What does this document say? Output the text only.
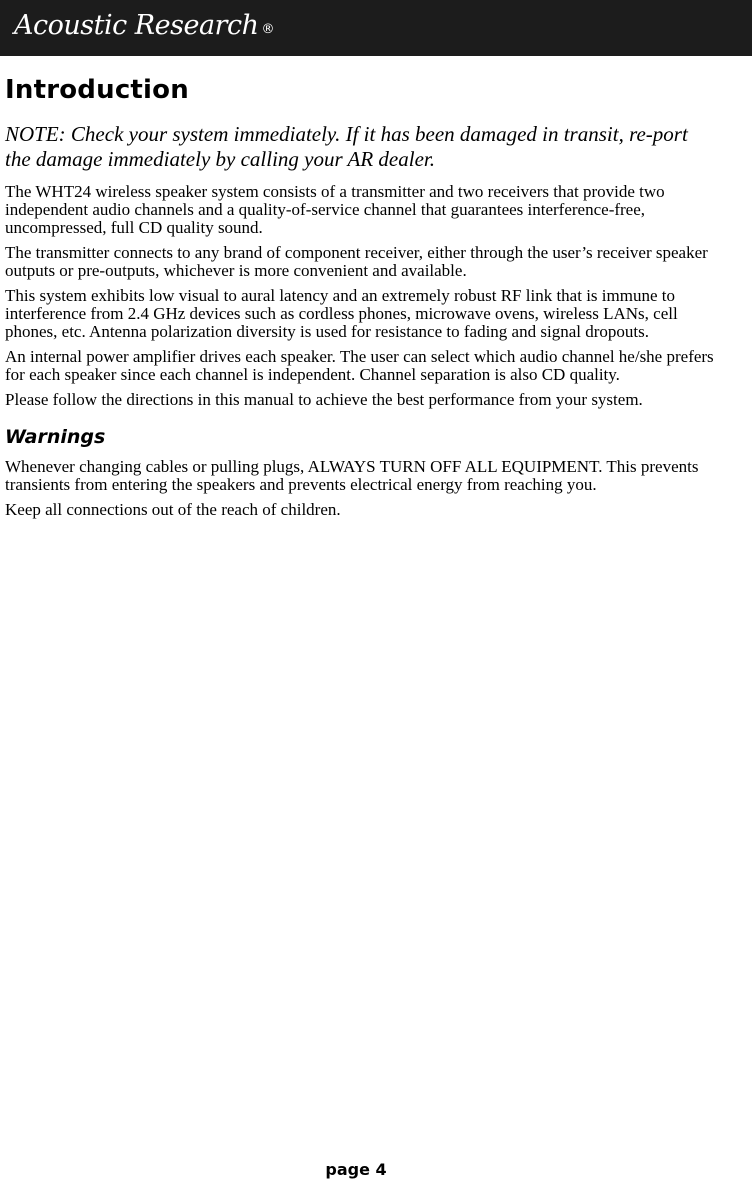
Acoustic Research ®
Introduction

NOTE: Check your system immediately. If it has been damaged in transit, re-port the damage immediately by calling your AR dealer.

The WHT24 wireless speaker system consists of a transmitter and two receivers that provide two independent audio channels and a quality-of-service channel that guarantees interference-free, uncompressed, full CD quality sound.

The transmitter connects to any brand of component receiver, either through the user’s receiver speaker outputs or pre-outputs, whichever is more convenient and available.

This system exhibits low visual to aural latency and an extremely robust RF link that is immune to interference from 2.4 GHz devices such as cordless phones, microwave ovens, wireless LANs, cell phones, etc. Antenna polarization diversity is used for resistance to fading and signal dropouts.

An internal power amplifier drives each speaker. The user can select which audio channel he/she prefers for each speaker since each channel is independent. Channel separation is also CD quality.

Please follow the directions in this manual to achieve the best performance from your system.

Warnings

Whenever changing cables or pulling plugs, ALWAYS TURN OFF ALL EQUIPMENT. This prevents transients from entering the speakers and prevents electrical energy from reaching you.

Keep all connections out of the reach of children.

page 4
